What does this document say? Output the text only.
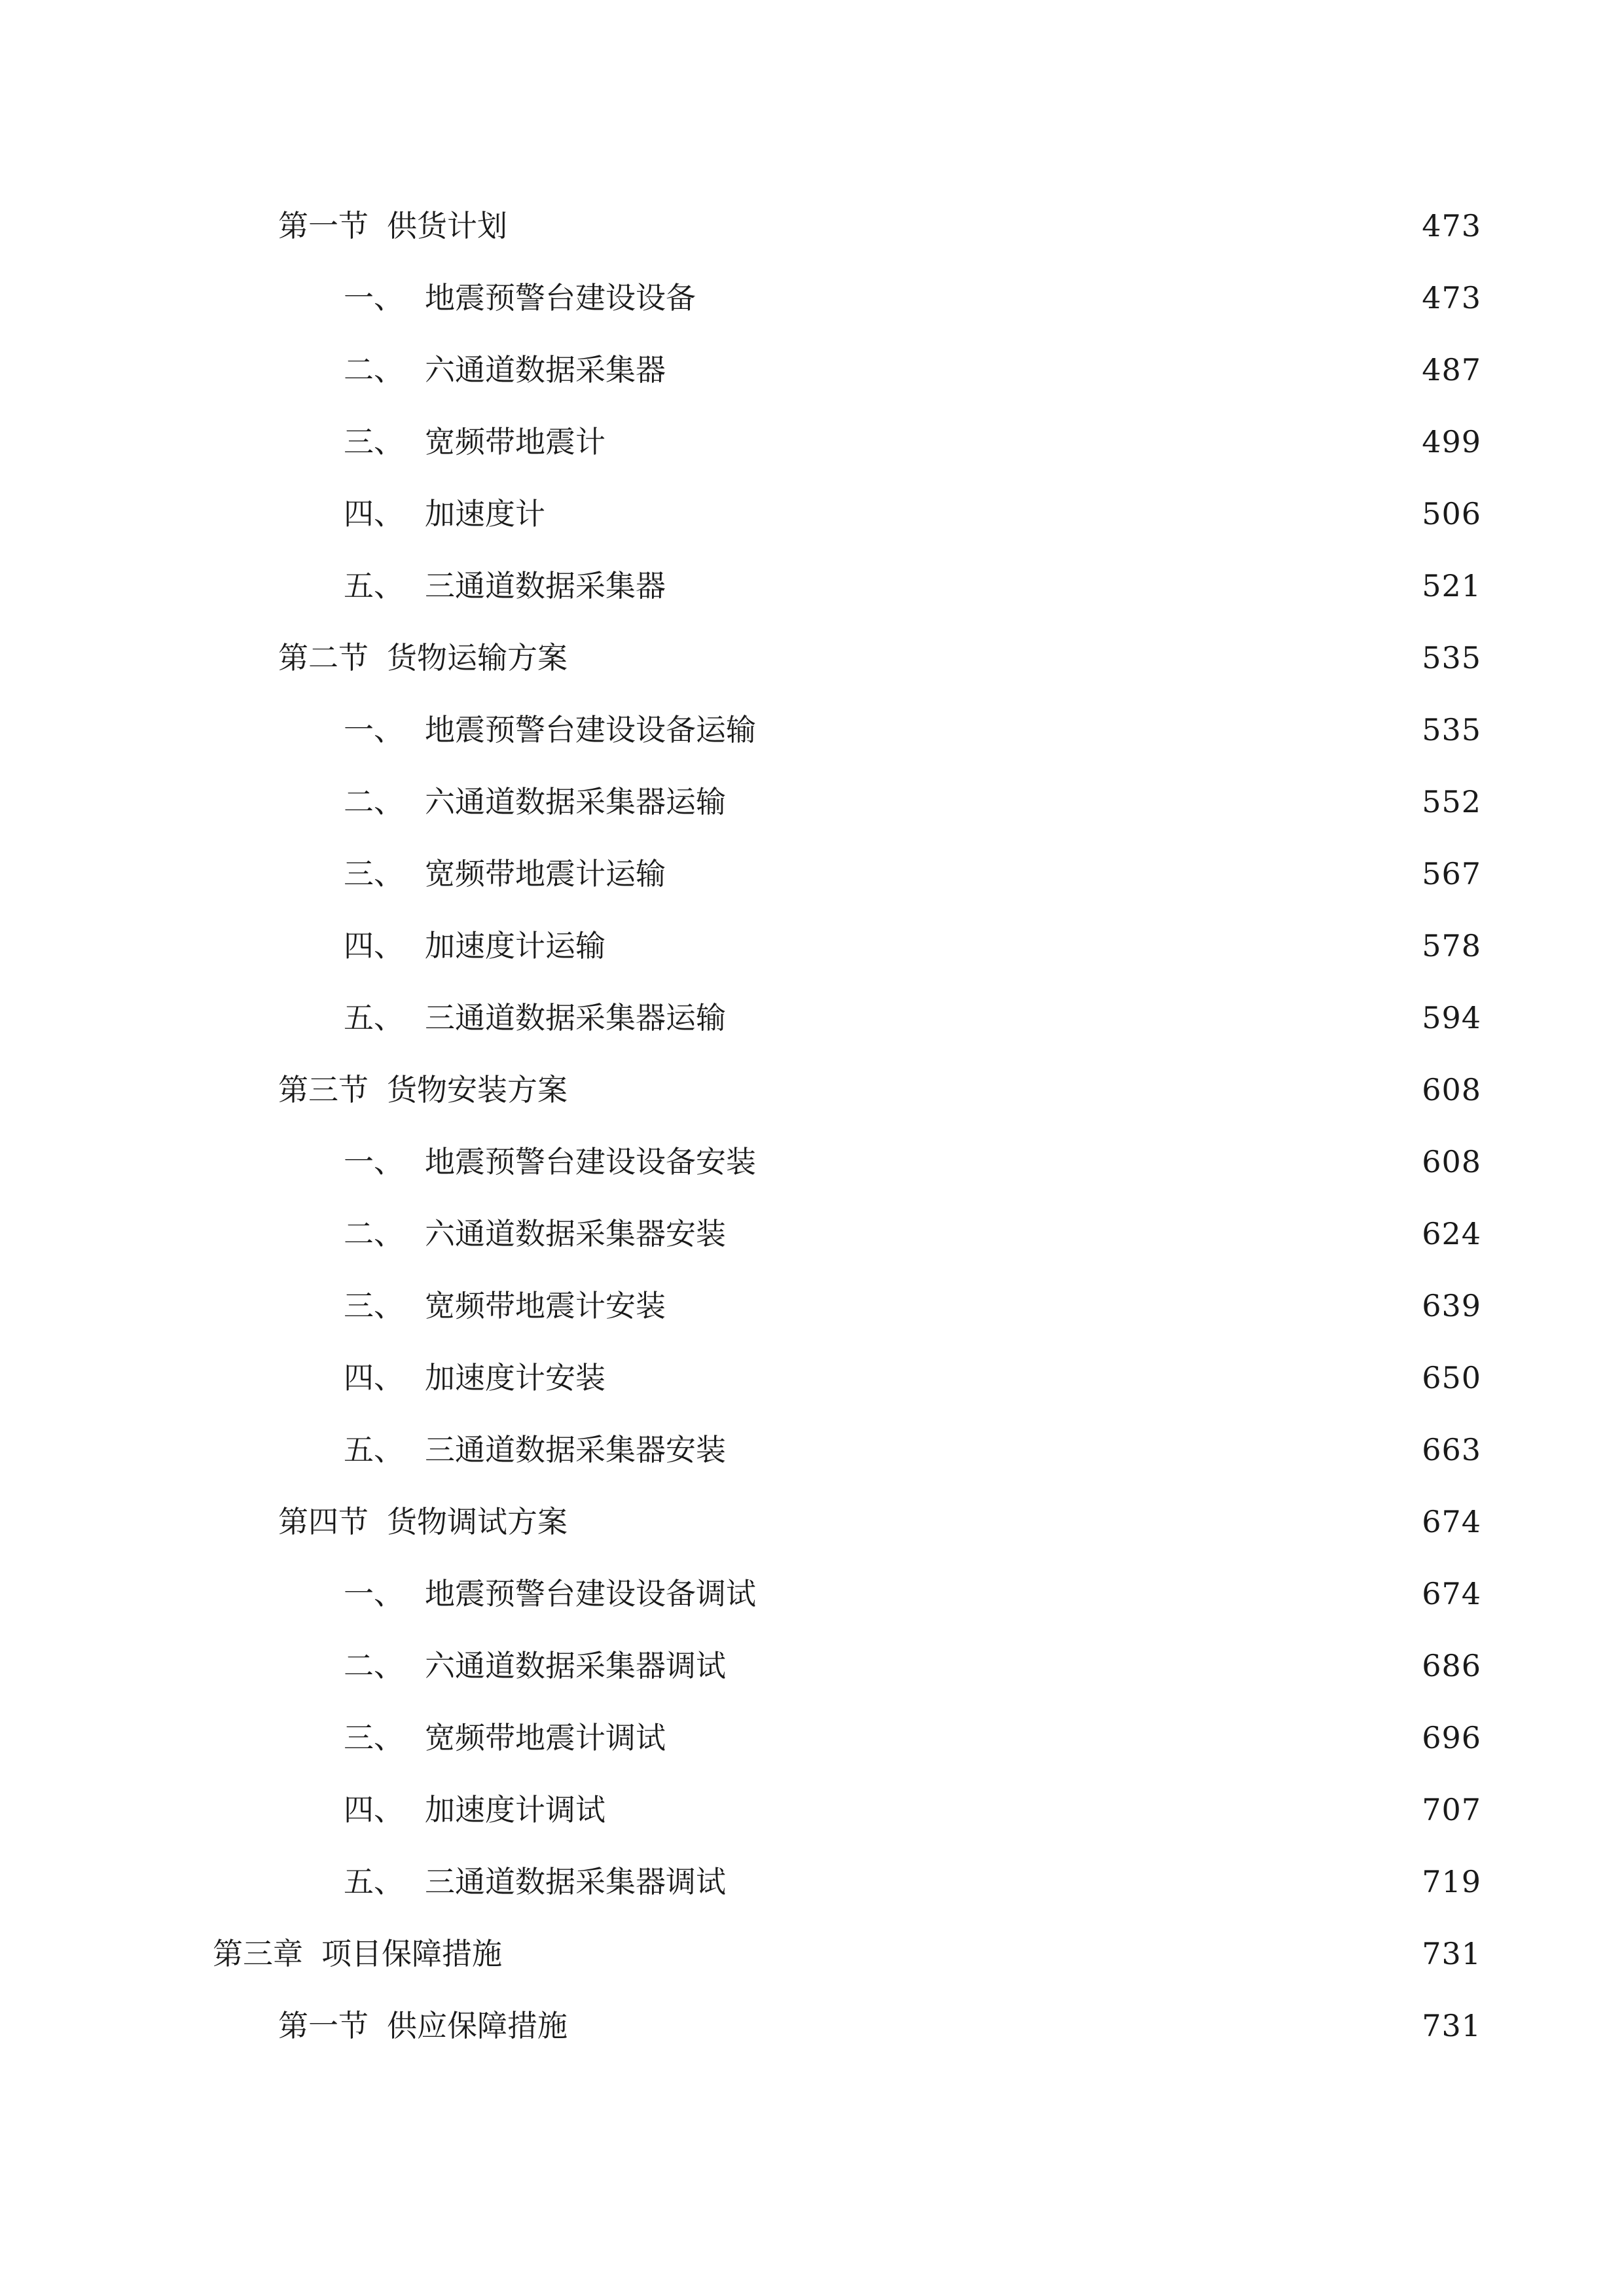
第一节 供货计划	473
一、 地震预警台建设设备	473
二、 六通道数据采集器	487
三、 宽频带地震计	499
四、 加速度计	506
五、 三通道数据采集器	521
第二节 货物运输方案	535
一、 地震预警台建设设备运输	535
二、 六通道数据采集器运输	552
三、 宽频带地震计运输	567
四、 加速度计运输	578
五、 三通道数据采集器运输	594
第三节 货物安装方案	608
一、 地震预警台建设设备安装	608
二、 六通道数据采集器安装	624
三、 宽频带地震计安装	639
四、 加速度计安装	650
五、 三通道数据采集器安装	663
第四节 货物调试方案	674
一、 地震预警台建设设备调试	674
二、 六通道数据采集器调试	686
三、 宽频带地震计调试	696
四、 加速度计调试	707
五、 三通道数据采集器调试	719
第三章 项目保障措施	731
第一节 供应保障措施	731
